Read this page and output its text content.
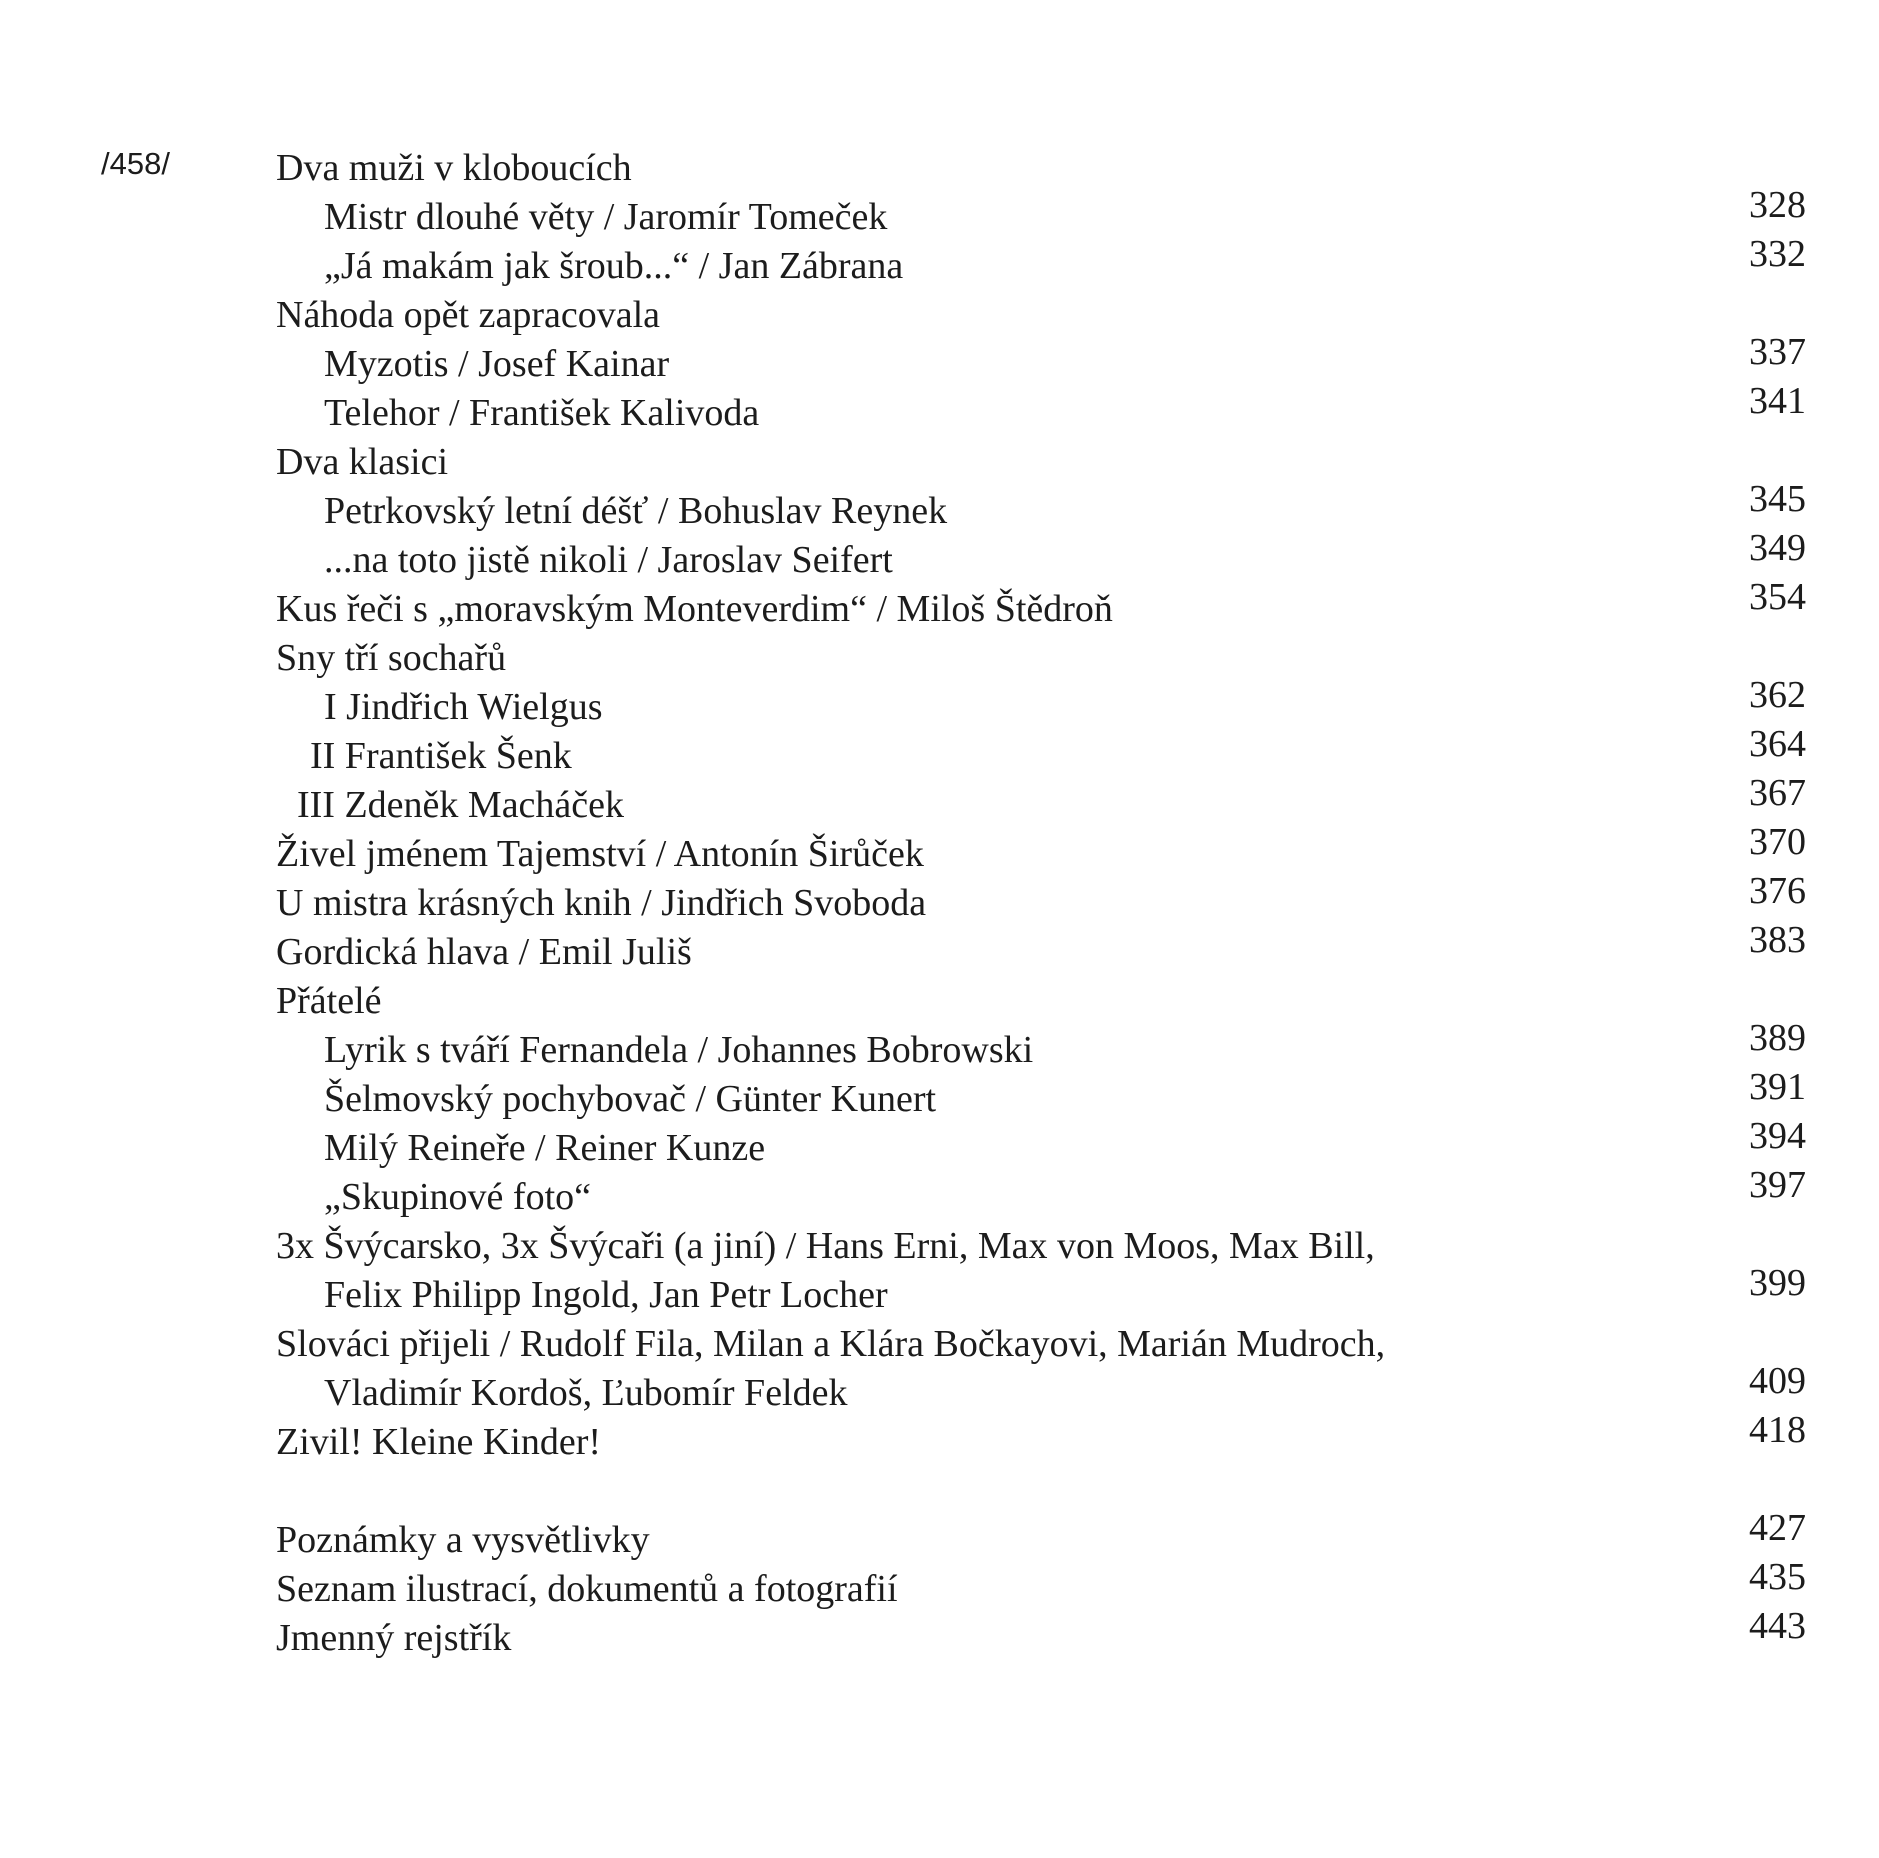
/458/	Dva muži v kloboucích
Mistr dlouhé věty / Jaromír Tomeček	328
„Já makám jak šroub...“ / Jan Zábrana	332
Náhoda opět zapracovala
Myzotis / Josef Kainar	337
Telehor / František Kalivoda	341
Dva klasici
Petrkovský letní déšť / Bohuslav Reynek	345
...na toto jistě nikoli / Jaroslav Seifert	349
Kus řeči s „moravským Monteverdim“ / Miloš Štědroň	354
Sny tří sochařů
I Jindřich Wielgus	362
II František Šenk	364
III Zdeněk Macháček	367
Živel jménem Tajemství / Antonín Širůček	370
U mistra krásných knih / Jindřich Svoboda	376
Gordická hlava / Emil Juliš	383
Přátelé
Lyrik s tváří Fernandela / Johannes Bobrowski	389
Šelmovský pochybovač / Günter Kunert	391
Milý Reineře / Reiner Kunze	394
„Skupinové foto“	397
3x Švýcarsko, 3x Švýcaři (a jiní) / Hans Erni, Max von Moos, Max Bill,
Felix Philipp Ingold, Jan Petr Locher	399
Slováci přijeli / Rudolf Fila, Milan a Klára Bočkayovi, Marián Mudroch,
Vladimír Kordoš, Ľubomír Feldek	409
Zivil! Kleine Kinder!	418
Poznámky a vysvětlivky	427
Seznam ilustrací, dokumentů a fotografií	435
Jmenný rejstřík	443
